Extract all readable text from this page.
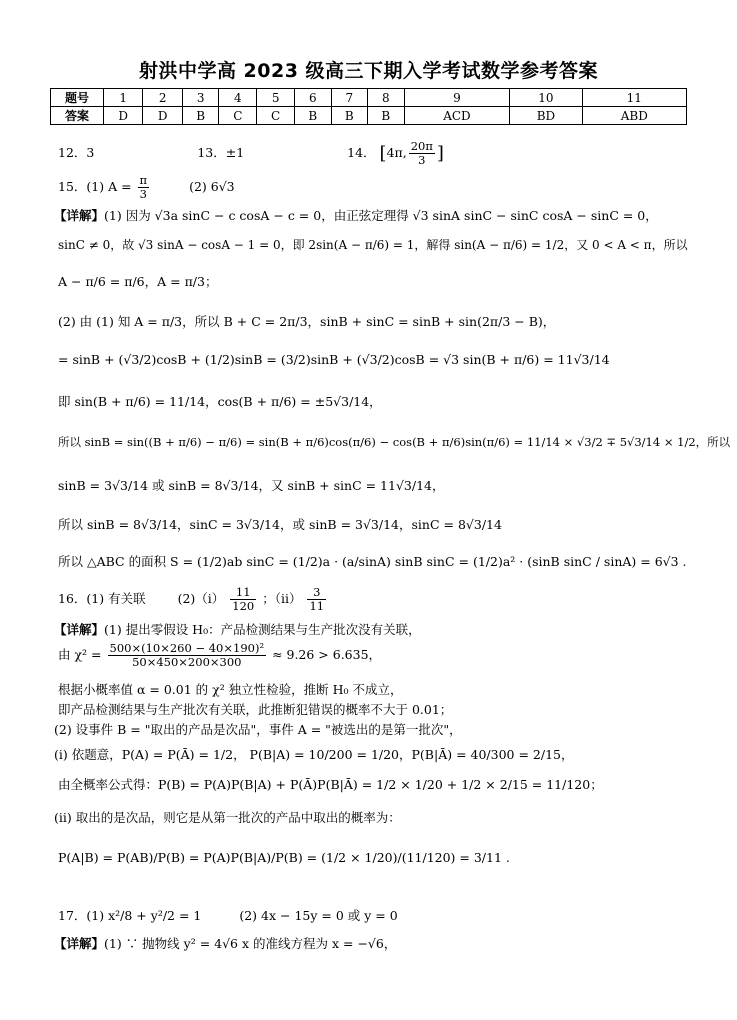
射洪中学高 2023 级高三下期入学考试数学参考答案
题号	1	2	3	4	5	6	7	8	9	10	11
答案	D	D	B	C	C	B	B	B	ACD	BD	ABD
12．3	13．±1	14． [4π, $\frac{20\pi}{3}$ ]
15．(1) $A = \frac{\pi}{3}$	(2) 6√3
【详解】(1) 因为 √3a sinC − c cosA − c = 0，由正弦定理得 √3 sinA sinC − sinC cosA − sinC = 0，
sinC ≠ 0，故 √3 sinA − cosA − 1 = 0，即 2sin(A − π/6) = 1，解得 sin(A − π/6) = 1/2，又 0 < A < π，所以
A − π/6 = π/6，A = π/3；
(2) 由 (1) 知 A = π/3，所以 B + C = 2π/3，sinB + sinC = sinB + sin(2π/3 − B)，
= sinB + (√3/2)cosB + (1/2)sinB = (3/2)sinB + (√3/2)cosB = √3 sin(B + π/6) = 11√3/14
即 sin(B + π/6) = 11/14，cos(B + π/6) = ±5√3/14，
所以 sinB = sin((B + π/6) − π/6) = sin(B + π/6)cos(π/6) − cos(B + π/6)sin(π/6) = 11/14 × √3/2 ∓ 5√3/14 × 1/2，所以
sinB = 3√3/14 或 sinB = 8√3/14，又 sinB + sinC = 11√3/14，
所以 sinB = 8√3/14，sinC = 3√3/14，或 sinB = 3√3/14，sinC = 8√3/14
所以 △ABC 的面积 S = (1/2)ab sinC = (1/2)a · (a/sinA) sinB sinC = (1/2)a² · (sinB sinC / sinA) = 6√3 .
16．(1) 有关联	(2)（ⅰ） $\frac{11}{120}$ ；（ⅱ） $\frac{3}{11}$
【详解】(1) 提出零假设 H₀：产品检测结果与生产批次没有关联，
由 $\chi^2 = \frac{\text{500×(10×260 − 40×190)²}}{50\times 450\times 200\times 300} \approx 9.26 > 6.635$，
根据小概率值 α = 0.01 的 χ² 独立性检验，推断 H₀ 不成立，
即产品检测结果与生产批次有关联，此推断犯错误的概率不大于 0.01；
(2) 设事件 B = "取出的产品是次品"，事件 A = "被选出的是第一批次"，
(ⅰ) 依题意，P(A) = P(Ā) = 1/2， P(B|A) = 10/200 = 1/20，P(B|Ā) = 40/300 = 2/15，
由全概率公式得：P(B) = P(A)P(B|A) + P(Ā)P(B|Ā) = 1/2 × 1/20 + 1/2 × 2/15 = 11/120；
(ⅱ) 取出的是次品，则它是从第一批次的产品中取出的概率为：
P(A|B) = P(AB)/P(B) = P(A)P(B|A)/P(B) = (1/2 × 1/20)/(11/120) = 3/11 .
17．(1) x²/8 + y²/2 = 1	(2) 4x − 15y = 0 或 y = 0
【详解】(1) ∵ 抛物线 y² = 4√6 x 的准线方程为 x = −√6，
